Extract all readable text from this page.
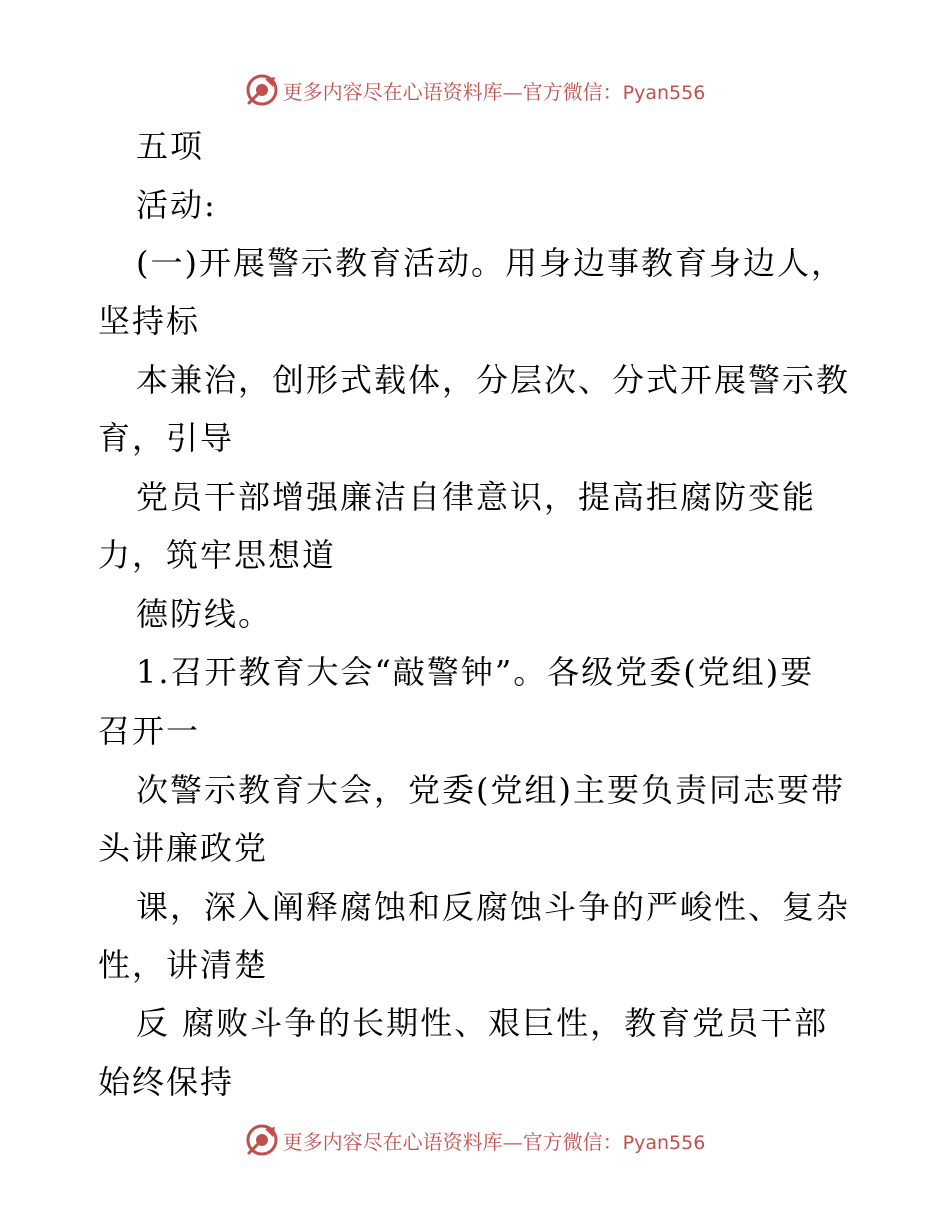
更多内容尽在心语资料库—官方微信：Pyan556
五项
活动:
(一)开展警示教育活动。用身边事教育身边人，
坚持标
本兼治，创形式载体，分层次、分式开展警示教
育，引导
党员干部增强廉洁自律意识，提高拒腐防变能
力，筑牢思想道
德防线。
1.召开教育大会“敲警钟”。各级党委(党组)要
召开一
次警示教育大会，党委(党组)主要负责同志要带
头讲廉政党
课，深入阐释腐蚀和反腐蚀斗争的严峻性、复杂
性，讲清楚
反 腐败斗争的长期性、艰巨性，教育党员干部
始终保持
更多内容尽在心语资料库—官方微信：Pyan556
